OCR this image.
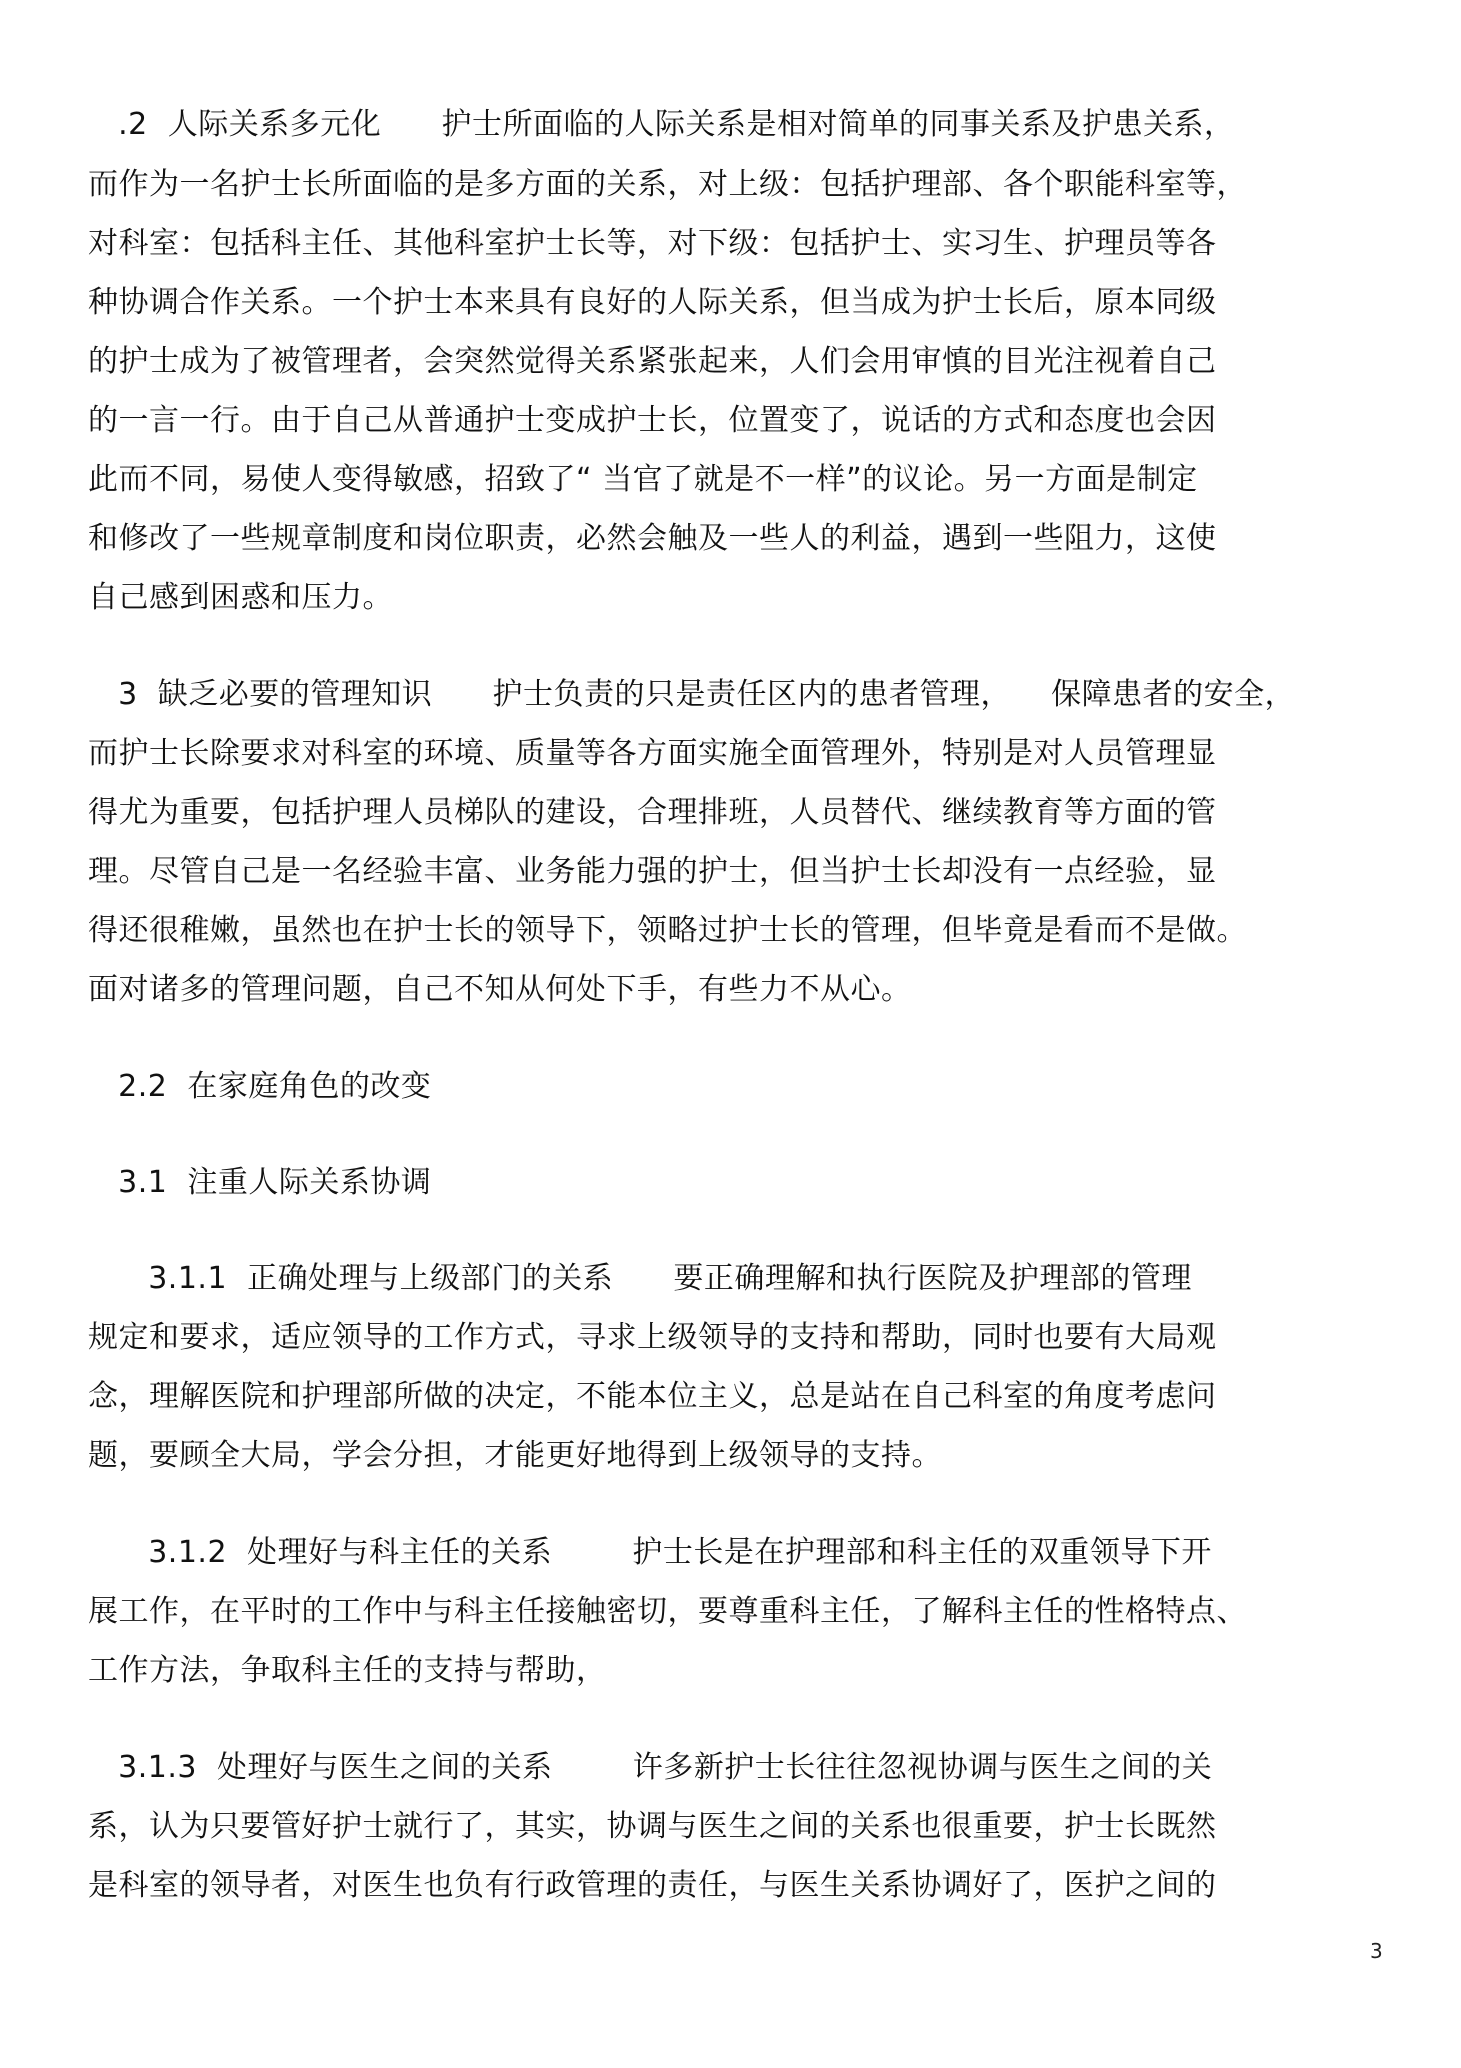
.2  人际关系多元化      护士所面临的人际关系是相对简单的同事关系及护患关系，
而作为一名护士长所面临的是多方面的关系，对上级：包括护理部、各个职能科室等，
对科室：包括科主任、其他科室护士长等，对下级：包括护士、实习生、护理员等各
种协调合作关系。一个护士本来具有良好的人际关系，但当成为护士长后，原本同级
的护士成为了被管理者，会突然觉得关系紧张起来，人们会用审慎的目光注视着自己
的一言一行。由于自己从普通护士变成护士长，位置变了，说话的方式和态度也会因
此而不同，易使人变得敏感，招致了“ 当官了就是不一样”的议论。另一方面是制定
和修改了一些规章制度和岗位职责，必然会触及一些人的利益，遇到一些阻力，这使
自己感到困惑和压力。
3  缺乏必要的管理知识      护士负责的只是责任区内的患者管理，    保障患者的安全，
而护士长除要求对科室的环境、质量等各方面实施全面管理外，特别是对人员管理显
得尤为重要，包括护理人员梯队的建设，合理排班，人员替代、继续教育等方面的管
理。尽管自己是一名经验丰富、业务能力强的护士，但当护士长却没有一点经验，显
得还很稚嫩，虽然也在护士长的领导下，领略过护士长的管理，但毕竟是看而不是做。
面对诸多的管理问题，自己不知从何处下手，有些力不从心。
2.2  在家庭角色的改变
3.1  注重人际关系协调
3.1.1  正确处理与上级部门的关系      要正确理解和执行医院及护理部的管理
规定和要求，适应领导的工作方式，寻求上级领导的支持和帮助，同时也要有大局观
念，理解医院和护理部所做的决定，不能本位主义，总是站在自己科室的角度考虑问
题，要顾全大局，学会分担，才能更好地得到上级领导的支持。
3.1.2  处理好与科主任的关系        护士长是在护理部和科主任的双重领导下开
展工作，在平时的工作中与科主任接触密切，要尊重科主任，了解科主任的性格特点、
工作方法，争取科主任的支持与帮助，
3.1.3  处理好与医生之间的关系        许多新护士长往往忽视协调与医生之间的关
系，认为只要管好护士就行了，其实，协调与医生之间的关系也很重要，护士长既然
是科室的领导者，对医生也负有行政管理的责任，与医生关系协调好了，医护之间的
3
